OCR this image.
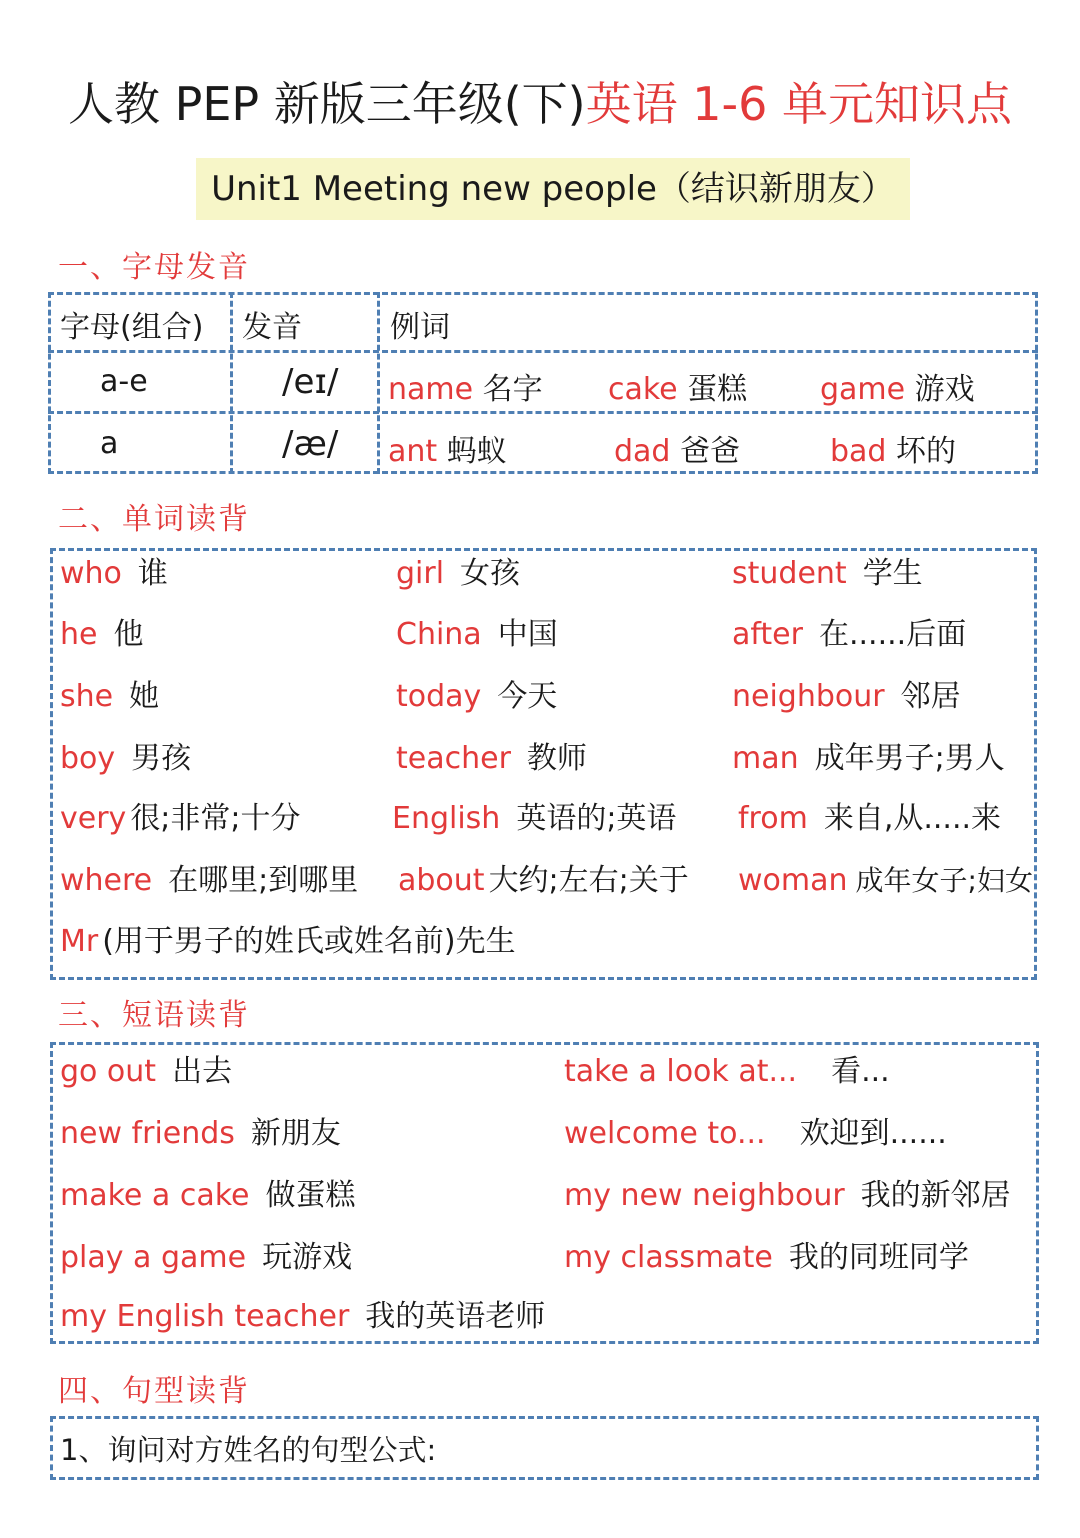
人教 PEP 新版三年级(下)英语 1-6 单元知识点
Unit1 Meeting new people（结识新朋友）
一、字母发音
字母(组合) 发音	例词
a-e	/eɪ/ name 名字 cake 蛋糕 game 游戏
a	/æ/ ant 蚂蚁	dad 爸爸	bad 坏的
二、单词读背
who 谁	girl 女孩	student 学生
he 他	China 中国	after 在......后面
she 她	today 今天	neighbour 邻居
boy 男孩	teacher 教师	man 成年男子;男人
very 很;非常;十分	English 英语的;英语 from 来自,从.....来
where 在哪里;到哪里 about 大约;左右;关于 woman 成年女子;妇女
Mr (用于男子的姓氏或姓名前)先生
三、短语读背
go out 出去	take a look at... 看...
new friends 新朋友	welcome to... 欢迎到......
make a cake 做蛋糕	my new neighbour 我的新邻居
play a game 玩游戏	my classmate 我的同班同学
my English teacher 我的英语老师
四、句型读背
1、询问对方姓名的句型公式:
